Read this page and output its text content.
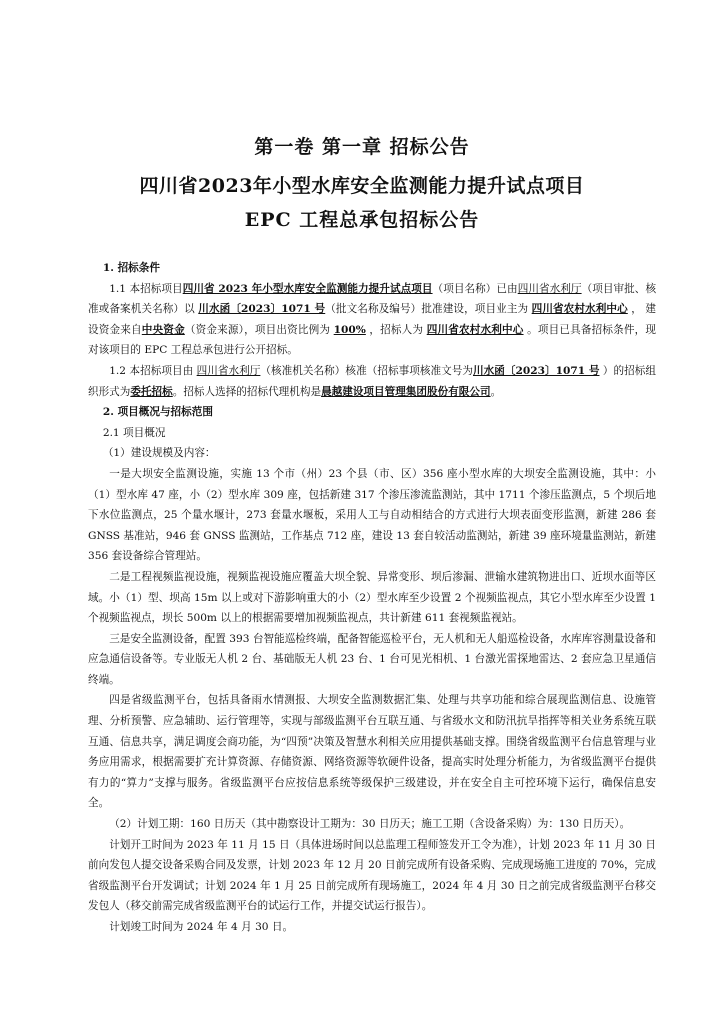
第一卷 第一章 招标公告
四川省2023年小型水库安全监测能力提升试点项目
EPC 工程总承包招标公告

1. 招标条件

1.1 本招标项目四川省 2023 年小型水库安全监测能力提升试点项目（项目名称）已由四川省水利厅（项目审批、核准或备案机关名称）以 川水函〔2023〕1071 号（批文名称及编号）批准建设，项目业主为 四川省农村水利中心 ， 建设资金来自中央资金（资金来源），项目出资比例为 100% ，招标人为 四川省农村水利中心 。项目已具备招标条件，现对该项目的 EPC 工程总承包进行公开招标。

1.2 本招标项目由 四川省水利厅（核准机关名称）核准（招标事项核准文号为川水函〔2023〕1071 号 ）的招标组织形式为委托招标。招标人选择的招标代理机构是晨越建设项目管理集团股份有限公司。

2. 项目概况与招标范围

2.1 项目概况

（1）建设规模及内容：

一是大坝安全监测设施，实施 13 个市（州）23 个县（市、区）356 座小型水库的大坝安全监测设施，其中：小（1）型水库 47 座，小（2）型水库 309 座，包括新建 317 个渗压渗流监测站，其中 1711 个渗压监测点，5 个坝后地下水位监测点，25 个量水堰计，273 套量水堰板，采用人工与自动相结合的方式进行大坝表面变形监测，新建 286 套 GNSS 基准站，946 套 GNSS 监测站，工作基点 712 座，建设 13 套自较活动监测站，新建 39 座环境量监测站，新建 356 套设备综合管理站。

二是工程视频监视设施，视频监视设施应覆盖大坝全貌、异常变形、坝后渗漏、泄输水建筑物进出口、近坝水面等区域。小（1）型、坝高 15m 以上或对下游影响重大的小（2）型水库至少设置 2 个视频监视点，其它小型水库至少设置 1 个视频监视点，坝长 500m 以上的根据需要增加视频监视点，共计新建 611 套视频监视站。

三是安全监测设备，配置 393 台智能巡检终端，配备智能巡检平台，无人机和无人船巡检设备，水库库容测量设备和应急通信设备等。专业版无人机 2 台、基础版无人机 23 台、1 台可见光相机、1 台激光雷探地雷达、2 套应急卫星通信终端。

四是省级监测平台，包括具备雨水情测报、大坝安全监测数据汇集、处理与共享功能和综合展现监测信息、设施管理、分析预警、应急辅助、运行管理等，实现与部级监测平台互联互通、与省级水文和防汛抗旱指挥等相关业务系统互联互通、信息共享，满足调度会商功能，为“四预”决策及智慧水利相关应用提供基础支撑。围绕省级监测平台信息管理与业务应用需求，根据需要扩充计算资源、存储资源、网络资源等软硬件设备，提高实时处理分析能力，为省级监测平台提供有力的“算力”支撑与服务。省级监测平台应按信息系统等级保护三级建设，并在安全自主可控环境下运行，确保信息安全。

（2）计划工期：160 日历天（其中勘察设计工期为：30 日历天；施工工期（含设备采购）为：130 日历天）。

计划开工时间为 2023 年 11 月 15 日（具体进场时间以总监理工程师签发开工令为准），计划 2023 年 11 月 30 日前向发包人提交设备采购合同及发票，计划 2023 年 12 月 20 日前完成所有设备采购、完成现场施工进度的 70%，完成省级监测平台开发调试；计划 2024 年 1 月 25 日前完成所有现场施工，2024 年 4 月 30 日之前完成省级监测平台移交发包人（移交前需完成省级监测平台的试运行工作，并提交试运行报告）。

计划竣工时间为 2024 年 4 月 30 日。
